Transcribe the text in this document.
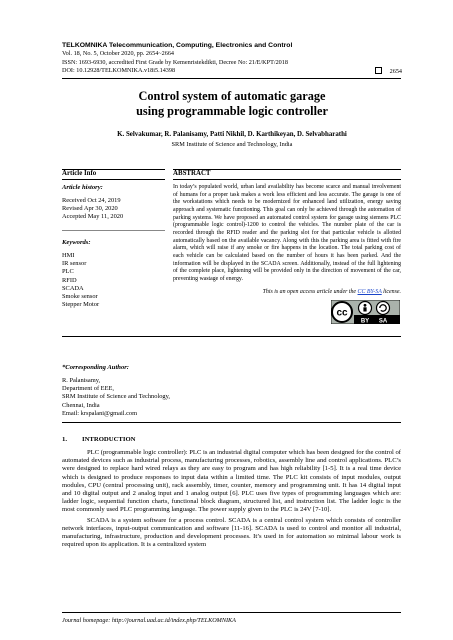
TELKOMNIKA Telecommunication, Computing, Electronics and Control
Vol. 18, No. 5, October 2020, pp. 2654~2664
ISSN: 1693-6930, accredited First Grade by Kemenristekdikti, Decree No: 21/E/KPT/2018
DOI: 10.12928/TELKOMNIKA.v18i5.14398	2654
Control system of automatic garage
using programmable logic controller
K. Selvakumar, R. Palanisamy, Patti Nikhil, D. Karthikeyan, D. Selvabharathi
SRM Institute of Science and Technology, India
Article Info
Article history:
Received Oct 24, 2019
Revised Apr 30, 2020
Accepted May 11, 2020
Keywords:
HMI
IR sensor
PLC
RFID
SCADA
Smoke sensor
Stepper Motor
ABSTRACT
In today’s populated world, urban land availability has become scarce and manual involvement of humans for a proper task makes a work less efficient and less accurate. The garage is one of the workstations which needs to be modernized for enhanced land utilization, energy saving approach and systematic functioning. This goal can only be achieved through the automation of parking systems. We have proposed an automated control system for garage using siemens PLC (programmable logic control)-1200 to control the vehicles. The number plate of the car is recorded through the RFID reader and the parking slot for that particular vehicle is allotted automatically based on the available vacancy. Along with this the parking area is fitted with fire alarm, which will raise if any smoke or fire happens in the location. The total parking cost of each vehicle can be calculated based on the number of hours it has been parked. And the information will be displayed in the SCADA screen. Additionally, instead of the full lightening of the complete place, lightening will be provided only in the direction of movement of the car, preventing wastage of energy.
This is an open access article under the CC BY-SA license.
cc
BY SA
*Corresponding Author:
R. Palanisamy,
Department of EEE,
SRM Institute of Science and Technology,
Chennai, India
Email: krspalani@gmail.com
1. INTRODUCTION

PLC (programmable logic controller): PLC is an industrial digital computer which has been designed for the control of automated devices such as industrial process, manufacturing processes, robotics, assembly line and control applications. PLC’s were designed to replace hard wired relays as they are easy to program and has high reliability [1-5]. It is a real time device which is designed to produce responses to input data within a limited time. The PLC kit consists of input modules, output modules, CPU (central processing unit), rack assembly, timer, counter, memory and programming unit. It has 14 digital input and 10 digital output and 2 analog input and 1 analog output [6]. PLC uses five types of programming languages which are: ladder logic, sequential function charts, functional block diagram, structured list, and instruction list. The ladder logic is the most commonly used PLC programming language. The power supply given to the PLC is 24V [7-10].

SCADA is a system software for a process control. SCADA is a central control system which consists of controller network interfaces, input-output communication and software [11-16]. SCADA is used to control and monitor all industrial, manufacturing, infrastructure, production and development processes. It’s used in for automation so minimal labour work is required upon its application. It is a centralized system

Journal homepage: http://journal.uad.ac.id/index.php/TELKOMNIKA
